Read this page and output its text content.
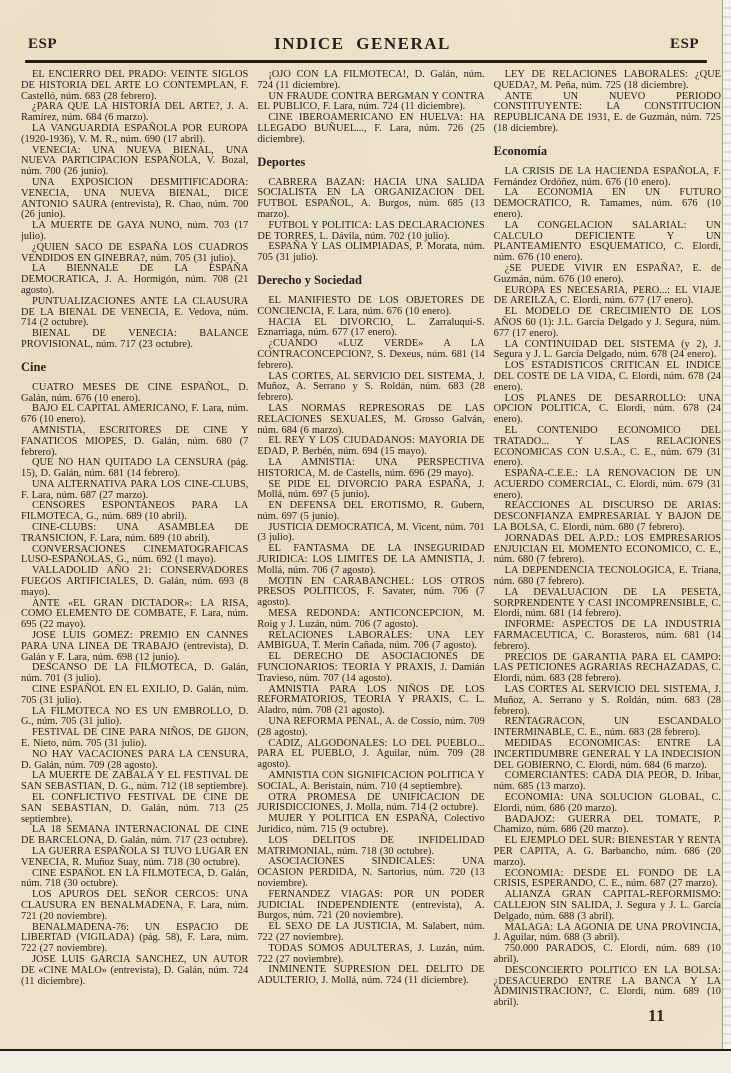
ESP	INDICE GENERAL	ESP

EL ENCIERRO DEL PRADO: VEINTE SIGLOS DE HISTORIA DEL ARTE LO CONTEMPLAN, F. Castelló, núm. 683 (28 febrero).

¿PARA QUE LA HISTORIA DEL ARTE?, J. A. Ramírez, núm. 684 (6 marzo).

LA VANGUARDIA ESPAÑOLA POR EUROPA (1920-1936), V. M. R., núm. 690 (17 abril).

VENECIA: UNA NUEVA BIENAL, UNA NUEVA PARTICIPACION ESPAÑOLA, V. Bozal, núm. 700 (26 junio).

UNA EXPOSICION DESMITIFICADORA: VENECIA, UNA NUEVA BIENAL, DICE ANTONIO SAURA (entrevista), R. Chao, núm. 700 (26 junio).

LA MUERTE DE GAYA NUNO, núm. 703 (17 julio).

¿QUIEN SACO DE ESPAÑA LOS CUADROS VENDIDOS EN GINEBRA?, núm. 705 (31 julio).

LA BIENNALE DE LA ESPAÑA DEMOCRATICA, J. A. Hormigón, núm. 708 (21 agosto).

PUNTUALIZACIONES ANTE LA CLAUSURA DE LA BIENAL DE VENECIA, E. Vedova, núm. 714 (2 octubre).

BIENAL DE VENECIA: BALANCE PROVISIONAL, núm. 717 (23 octubre).

Cine

CUATRO MESES DE CINE ESPAÑOL, D. Galán, núm. 676 (10 enero).

BAJO EL CAPITAL AMERICANO, F. Lara, núm. 676 (10 enero).

AMNISTIA, ESCRITORES DE CINE Y FANATICOS MIOPES, D. Galán, núm. 680 (7 febrero).

QUE NO HAN QUITADO LA CENSURA (pág. 15), D. Galán, núm. 681 (14 febrero).

UNA ALTERNATIVA PARA LOS CINE-CLUBS, F. Lara, núm. 687 (27 marzo).

CENSORES ESPONTANEOS PARA LA FILMOTECA, G., núm. 689 (10 abril).

CINE-CLUBS: UNA ASAMBLEA DE TRANSICION, F. Lara, núm. 689 (10 abril).

CONVERSACIONES CINEMATOGRAFICAS LUSO-ESPAÑOLAS, G., núm. 692 (1 mayo).

VALLADOLID AÑO 21: CONSERVADORES FUEGOS ARTIFICIALES, D. Galán, núm. 693 (8 mayo).

ANTE «EL GRAN DICTADOR»: LA RISA, COMO ELEMENTO DE COMBATE, F. Lara, núm. 695 (22 mayo).

JOSE LUIS GOMEZ: PREMIO EN CANNES PARA UNA LINEA DE TRABAJO (entrevista), D. Galán y F. Lara, núm. 698 (12 junio).

DESCANSO DE LA FILMOTECA, D. Galán, núm. 701 (3 julio).

CINE ESPAÑOL EN EL EXILIO, D. Galán, núm. 705 (31 julio).

LA FILMOTECA NO ES UN EMBROLLO, D. G., núm. 705 (31 julio).

FESTIVAL DE CINE PARA NIÑOS, DE GIJON, E. Nieto, núm. 705 (31 julio).

NO HAY VACACIONES PARA LA CENSURA, D. Galán, núm. 709 (28 agosto).

LA MUERTE DE ZABALA Y EL FESTIVAL DE SAN SEBASTIAN, D. G., núm. 712 (18 septiembre).

EL CONFLICTIVO FESTIVAL DE CINE DE SAN SEBASTIAN, D. Galán, núm. 713 (25 septiembre).

LA 18 SEMANA INTERNACIONAL DE CINE DE BARCELONA, D. Galán, núm. 717 (23 octubre).

LA GUERRA ESPAÑOLA SI TUVO LUGAR EN VENECIA, R. Muñoz Suay, núm. 718 (30 octubre).

CINE ESPAÑOL EN LA FILMOTECA, D. Galán, núm. 718 (30 octubre).

LOS APUROS DEL SEÑOR CERCOS: UNA CLAUSURA EN BENALMADENA, F. Lara, núm. 721 (20 noviembre).

BENALMADENA-76: UN ESPACIO DE LIBERTAD (VIGILADA) (pág. 58), F. Lara, núm. 722 (27 noviembre).

JOSE LUIS GARCIA SANCHEZ, UN AUTOR DE «CINE MALO» (entrevista), D. Galán, núm. 724 (11 diciembre).

¡OJO CON LA FILMOTECA!, D. Galán, núm. 724 (11 diciembre).

UN FRAUDE CONTRA BERGMAN Y CONTRA EL PUBLICO, F. Lara, núm. 724 (11 diciembre).

CINE IBEROAMERICANO EN HUELVA: HA LLEGADO BUÑUEL..., F. Lara, núm. 726 (25 diciembre).

Deportes

CABRERA BAZAN: HACIA UNA SALIDA SOCIALISTA EN LA ORGANIZACION DEL FUTBOL ESPAÑOL, A. Burgos, núm. 685 (13 marzo).

FUTBOL Y POLITICA: LAS DECLARACIONES DE TORRES, L. Dávila, núm. 702 (10 julio).

ESPAÑA Y LAS OLIMPIADAS, P. Morata, núm. 705 (31 julio).

Derecho y Sociedad

EL MANIFIESTO DE LOS OBJETORES DE CONCIENCIA, F. Lara, núm. 676 (10 enero).

HACIA EL DIVORCIO, L. Zarraluqui-S. Eznarriaga, núm. 677 (17 enero).

¿CUANDO «LUZ VERDE» A LA CONTRACONCEPCION?, S. Dexeus, núm. 681 (14 febrero).

LAS CORTES, AL SERVICIO DEL SISTEMA, J. Muñoz, A. Serrano y S. Roldán, núm. 683 (28 febrero).

LAS NORMAS REPRESORAS DE LAS RELACIONES SEXUALES, M. Grosso Galván, núm. 684 (6 marzo).

EL REY Y LOS CIUDADANOS: MAYORIA DE EDAD, P. Berbén, núm. 694 (15 mayo).

LA AMNISTIA: UNA PERSPECTIVA HISTORICA, M. de Castells, núm. 696 (29 mayo).

SE PIDE EL DIVORCIO PARA ESPAÑA, J. Mollá, núm. 697 (5 junio).

EN DEFENSA DEL EROTISMO, R. Gubern, núm. 697 (5 junio).

JUSTICIA DEMOCRATICA, M. Vicent, núm. 701 (3 julio).

EL FANTASMA DE LA INSEGURIDAD JURIDICA: LOS LIMITES DE LA AMNISTIA, J. Mollá, núm. 706 (7 agosto).

MOTIN EN CARABANCHEL: LOS OTROS PRESOS POLITICOS, F. Savater, núm. 706 (7 agosto).

MESA REDONDA: ANTICONCEPCION, M. Roig y J. Luzán, núm. 706 (7 agosto).

RELACIONES LABORALES: UNA LEY AMBIGUA, T. Merin Cañada, núm. 706 (7 agosto).

EL DERECHO DE ASOCIACIONES DE FUNCIONARIOS: TEORIA Y PRAXIS, J. Damián Travieso, núm. 707 (14 agosto).

AMNISTIA PARA LOS NIÑOS DE LOS REFORMATORIOS, TEORIA Y PRAXIS, C. L. Aladro, núm. 708 (21 agosto).

UNA REFORMA PENAL, A. de Cossío, núm. 709 (28 agosto).

CADIZ, ALGODONALES: LO DEL PUEBLO... PARA EL PUEBLO, J. Aguilar, núm. 709 (28 agosto).

AMNISTIA CON SIGNIFICACION POLITICA Y SOCIAL, A. Beristain, núm. 710 (4 septiembre).

OTRA PROMESA DE UNIFICACION DE JURISDICCIONES, J. Molla, núm. 714 (2 octubre).

MUJER Y POLITICA EN ESPAÑA, Colectivo Jurídico, núm. 715 (9 octubre).

LOS DELITOS DE INFIDELIDAD MATRIMONIAL, núm. 718 (30 octubre).

ASOCIACIONES SINDICALES: UNA OCASION PERDIDA, N. Sartorius, núm. 720 (13 noviembre).

FERNANDEZ VIAGAS: POR UN PODER JUDICIAL INDEPENDIENTE (entrevista), A. Burgos, núm. 721 (20 noviembre).

EL SEXO DE LA JUSTICIA, M. Salabert, núm. 722 (27 noviembre).

TODAS SOMOS ADULTERAS, J. Luzán, núm. 722 (27 noviembre).

INMINENTE SUPRESION DEL DELITO DE ADULTERIO, J. Mollá, núm. 724 (11 diciembre).

LEY DE RELACIONES LABORALES: ¿QUE QUEDA?, M. Peña, núm. 725 (18 diciembre).

ANTE UN NUEVO PERIODO CONSTITUYENTE: LA CONSTITUCION REPUBLICANA DE 1931, E. de Guzmán, núm. 725 (18 diciembre).

Economía

LA CRISIS DE LA HACIENDA ESPAÑOLA, F. Fernández Ordóñez, núm. 676 (10 enero).

LA ECONOMIA EN UN FUTURO DEMOCRATICO, R. Tamames, núm. 676 (10 enero).

LA CONGELACION SALARIAL: UN CALCULO DEFICIENTE Y UN PLANTEAMIENTO ESQUEMATICO, C. Elordi, núm. 676 (10 enero).

¿SE PUEDE VIVIR EN ESPAÑA?, E. de Guzmán, núm. 676 (10 enero).

EUROPA ES NECESARIA, PERO...: EL VIAJE DE AREILZA, C. Elordi, núm. 677 (17 enero).

EL MODELO DE CRECIMIENTO DE LOS AÑOS 60 (1): J.L. García Delgado y J. Segura, núm. 677 (17 enero).

LA CONTINUIDAD DEL SISTEMA (y 2), J. Segura y J. L. García Delgado, núm. 678 (24 enero).

LOS ESTADISTICOS CRITICAN EL INDICE DEL COSTE DE LA VIDA, C. Elordi, núm. 678 (24 enero).

LOS PLANES DE DESARROLLO: UNA OPCION POLITICA, C. Elordi, núm. 678 (24 enero).

EL CONTENIDO ECONOMICO DEL TRATADO... Y LAS RELACIONES ECONOMICAS CON U.S.A., C. E., núm. 679 (31 enero).

ESPAÑA-C.E.E.: LA RENOVACION DE UN ACUERDO COMERCIAL, C. Elordi, núm. 679 (31 enero).

REACCIONES AL DISCURSO DE ARIAS: DESCONFIANZA EMPRESARIAL Y BAJON DE LA BOLSA, C. Elordi, núm. 680 (7 febrero).

JORNADAS DEL A.P.D.: LOS EMPRESARIOS ENJUICIAN EL MOMENTO ECONOMICO, C. E., núm. 680 (7 febrero).

LA DEPENDENCIA TECNOLOGICA, E. Triana, núm. 680 (7 febrero).

LA DEVALUACION DE LA PESETA, SORPRENDENTE Y CASI INCOMPRENSIBLE, C. Elordi, núm. 681 (14 febrero).

INFORME: ASPECTOS DE LA INDUSTRIA FARMACEUTICA, C. Borasteros, núm. 681 (14 febrero).

PRECIOS DE GARANTIA PARA EL CAMPO: LAS PETICIONES AGRARIAS RECHAZADAS, C. Elordi, núm. 683 (28 febrero).

LAS CORTES AL SERVICIO DEL SISTEMA, J. Muñoz, A. Serrano y S. Roldán, núm. 683 (28 febrero).

RENTAGRACON, UN ESCANDALO INTERMINABLE, C. E., núm. 683 (28 febrero).

MEDIDAS ECONOMICAS: ENTRE LA INCERTIDUMBRE GENERAL Y LA INDECISION DEL GOBIERNO, C. Elordi, núm. 684 (6 marzo).

COMERCIANTES: CADA DIA PEOR, D. Iribar, núm. 685 (13 marzo).

ECONOMIA: UNA SOLUCION GLOBAL, C. Elordi, núm. 686 (20 marzo).

BADAJOZ: GUERRA DEL TOMATE, P. Chamizo, núm. 686 (20 marzo).

EL EJEMPLO DEL SUR: BIENESTAR Y RENTA PER CAPITA, A. G. Barbancho, núm. 686 (20 marzo).

ECONOMIA: DESDE EL FONDO DE LA CRISIS, ESPERANDO, C. E., núm. 687 (27 marzo).

ALIANZA GRAN CAPITAL-REFORMISMO: CALLEJON SIN SALIDA, J. Segura y J. L. García Delgado, núm. 688 (3 abril).

MALAGA: LA AGONIA DE UNA PROVINCIA, J. Aguilar, núm. 688 (3 abril).

750.000 PARADOS, C. Elordi, núm. 689 (10 abril).

DESCONCIERTO POLITICO EN LA BOLSA: ¿DESACUERDO ENTRE LA BANCA Y LA ADMINISTRACION?, C. Elordi, núm. 689 (10 abril).

11
